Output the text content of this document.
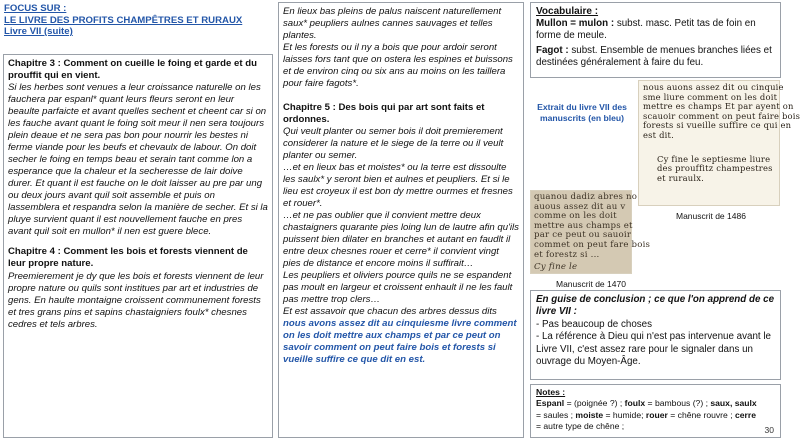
FOCUS SUR :
LE LIVRE DES PROFITS CHAMPÊTRES ET RURAUX
Livre VII (suite)

Chapitre 3 : Comment on cueille le foing et garde et du prouffit qui en vient.

Si les herbes sont venues a leur croissance naturelle on les fauchera par espanl* quant leurs fleurs seront en leur beaulte parfaicte et avant quelles sechent et cheent car si on les fauche avant quant le foing soit meur il nen sera toujours plein deaue et ne sera pas bon pour nourrir les bestes ni ferme viande pour les beufs et chevaulx de labour. On doit secher le foing en temps beau et serain tant comme lon a esperance que la chaleur et la secheresse de lair doive durer. Et quant il est fauche on le doit laisser au pre par ung ou deux jours avant quil soit assemble et puis on lassemblera et respandra selon la manière de secher. Et si la pluye survient quant il est nouvellement fauche en pres avant quil soit en mullon* il nen est guere blece.

Chapitre 4 : Comment les bois et forests viennent de leur propre nature.

Preemierement je dy que les bois et forests viennent de leur propre nature ou quils sont institues par art et industries de gens. En haulte montaigne croissent communement forests et tres grans pins et sapins chastaigniers foulx* chesnes cedres et tels arbres.

En lieux bas pleins de palus naiscent naturellement saux* peupliers aulnes cannes sauvages et telles plantes.

Et les forests ou il ny a bois que pour ardoir seront laisses fors tant que on ostera les espines et buissons et de environ cinq ou six ans au moins on les taillera pour faire fagots*.

Chapitre 5 : Des bois qui par art sont faits et ordonnes.

Qui veult planter ou semer bois il doit premierement considerer la nature et le siege de la terre ou il veult planter ou semer.

…et en lieux bas et moistes* ou la terre est dissoulte les saulx* y seront bien et aulnes et peupliers. Et si le lieu est croyeux il est bon dy mettre ourmes et fresnes et rouer*.

…et ne pas oublier que il convient mettre deux chastaigners quarante pies loing lun de lautre afin qu'ils puissent bien dilater en branches et autant en faudlt il entre deux chesnes rouer et cerre* il convient vingt pies de distance et encore moins il suffirait…

Les peupliers et oliviers pource quils ne se espandent pas moult en largeur et croissent enhault il ne les fault pas mettre trop clers…

Et est assavoir que chacun des arbres dessus dits nous avons assez dit au cinquiesme livre comment on les doit mettre aux champs et par ce peut on savoir comment on peut faire bois et forests si vueille suffire ce que dit en est.

Vocabulaire :

Mullon = mulon : subst. masc. Petit tas de foin en forme de meule.

Fagot : subst. Ensemble de menues branches liées et destinées généralement à faire du feu.

Extrait du livre VII des manuscrits (en bleu)

nous auons assez dit ou cinquie

sme liure comment on les doit

mettre es champs Et par ayent on

scauoir comment on peut faire bois

forests si vueille suffire ce qui en

est dit.

Cy fine le septiesme liure

des prouffitz champestres

et ruraulx.

Manuscrit de 1486

quanou dadiz abres no

auous assez dit au v

comme on les doit

mettre aus champs et

par ce peut ou sauoir

commet on peut fare bois

et forestz si ...

Cy fine le

Manuscrit de 1470

En guise de conclusion ; ce que l'on apprend de ce livre VII :

- Pas beaucoup de choses

- La référence à Dieu qui n'est pas intervenue avant le Livre VII, c'est assez rare pour le signaler dans un ouvrage du Moyen-Âge.

Notes :

Espanl = (poignée ?) ; foulx = bambous (?) ; saux, saulx = saules ; moiste = humide; rouer = chêne rouvre ; cerre = autre type de chêne ;	30
